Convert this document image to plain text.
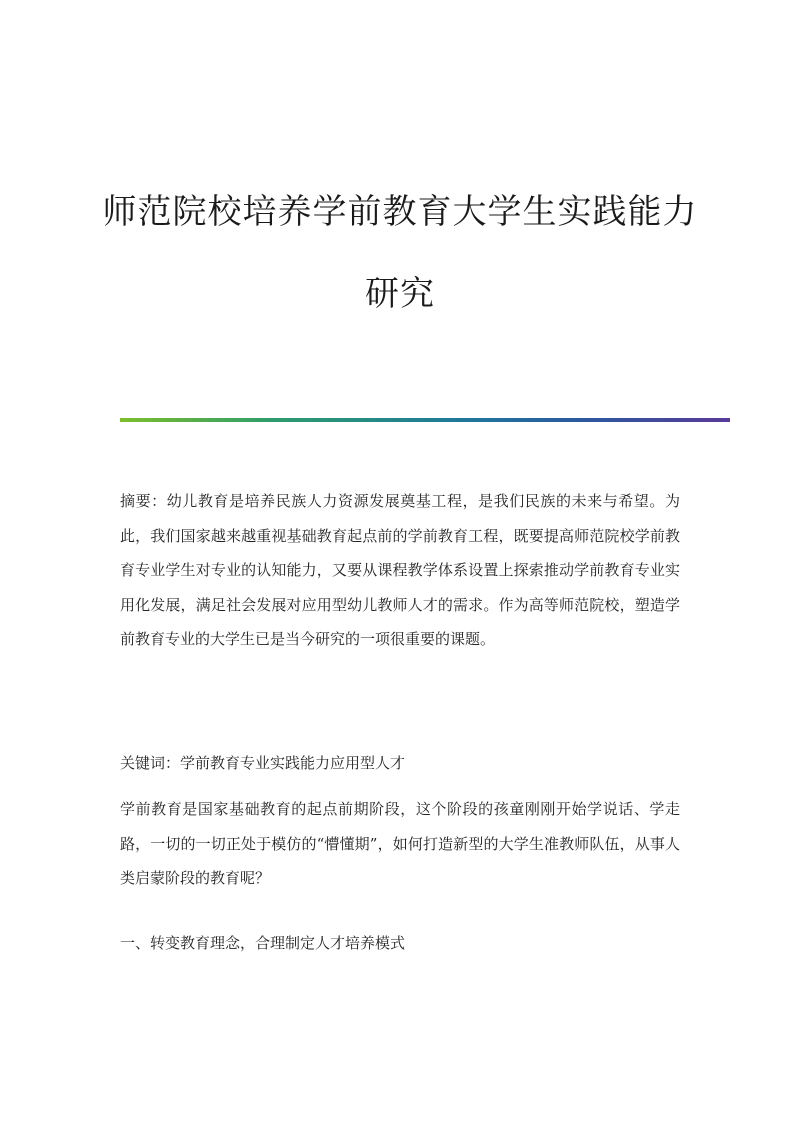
师范院校培养学前教育大学生实践能力
研究
摘要：幼儿教育是培养民族人力资源发展奠基工程，是我们民族的未来与希望。为此，我们国家越来越重视基础教育起点前的学前教育工程，既要提高师范院校学前教育专业学生对专业的认知能力，又要从课程教学体系设置上探索推动学前教育专业实用化发展，满足社会发展对应用型幼儿教师人才的需求。作为高等师范院校，塑造学前教育专业的大学生已是当今研究的一项很重要的课题。
关键词：学前教育专业实践能力应用型人才
学前教育是国家基础教育的起点前期阶段，这个阶段的孩童刚刚开始学说话、学走路，一切的一切正处于模仿的“懵懂期”，如何打造新型的大学生准教师队伍，从事人类启蒙阶段的教育呢？
一、转变教育理念，合理制定人才培养模式
